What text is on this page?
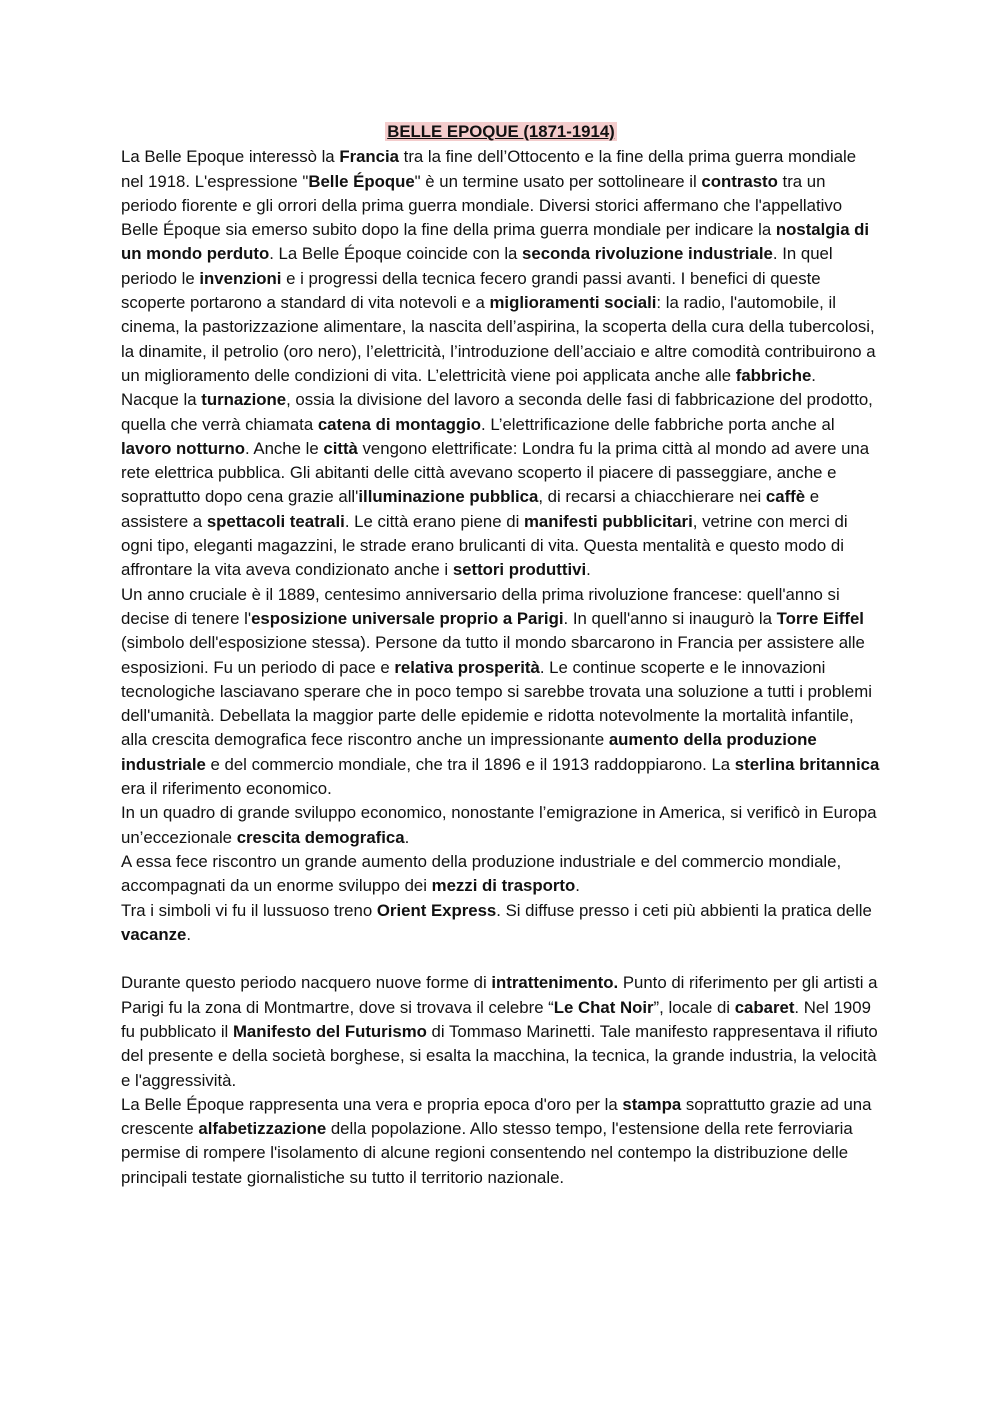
BELLE EPOQUE (1871-1914)

La Belle Epoque interessò la Francia tra la fine dell’Ottocento e la fine della prima guerra mondiale nel 1918. L'espressione "Belle Époque" è un termine usato per sottolineare il contrasto tra un periodo fiorente e gli orrori della prima guerra mondiale. Diversi storici affermano che l'appellativo Belle Époque sia emerso subito dopo la fine della prima guerra mondiale per indicare la nostalgia di un mondo perduto. La Belle Époque coincide con la seconda rivoluzione industriale. In quel periodo le invenzioni e i progressi della tecnica fecero grandi passi avanti. I benefici di queste scoperte portarono a standard di vita notevoli e a miglioramenti sociali: la radio, l'automobile, il cinema, la pastorizzazione alimentare, la nascita dell’aspirina, la scoperta della cura della tubercolosi, la dinamite, il petrolio (oro nero), l’elettricità, l’introduzione dell’acciaio e altre comodità contribuirono a un miglioramento delle condizioni di vita. L’elettricità viene poi applicata anche alle fabbriche.

Nacque la turnazione, ossia la divisione del lavoro a seconda delle fasi di fabbricazione del prodotto, quella che verrà chiamata catena di montaggio. L’elettrificazione delle fabbriche porta anche al lavoro notturno. Anche le città vengono elettrificate: Londra fu la prima città al mondo ad avere una rete elettrica pubblica. Gli abitanti delle città avevano scoperto il piacere di passeggiare, anche e soprattutto dopo cena grazie all'illuminazione pubblica, di recarsi a chiacchierare nei caffè e assistere a spettacoli teatrali. Le città erano piene di manifesti pubblicitari, vetrine con merci di ogni tipo, eleganti magazzini, le strade erano brulicanti di vita. Questa mentalità e questo modo di affrontare la vita aveva condizionato anche i settori produttivi.

Un anno cruciale è il 1889, centesimo anniversario della prima rivoluzione francese: quell'anno si decise di tenere l'esposizione universale proprio a Parigi. In quell'anno si inaugurò la Torre Eiffel (simbolo dell'esposizione stessa). Persone da tutto il mondo sbarcarono in Francia per assistere alle esposizioni. Fu un periodo di pace e relativa prosperità. Le continue scoperte e le innovazioni tecnologiche lasciavano sperare che in poco tempo si sarebbe trovata una soluzione a tutti i problemi dell'umanità. Debellata la maggior parte delle epidemie e ridotta notevolmente la mortalità infantile, alla crescita demografica fece riscontro anche un impressionante aumento della produzione industriale e del commercio mondiale, che tra il 1896 e il 1913 raddoppiarono. La sterlina britannica era il riferimento economico.

In un quadro di grande sviluppo economico, nonostante l’emigrazione in America, si verificò in Europa un’eccezionale crescita demografica.

A essa fece riscontro un grande aumento della produzione industriale e del commercio mondiale, accompagnati da un enorme sviluppo dei mezzi di trasporto.

Tra i simboli vi fu il lussuoso treno Orient Express. Si diffuse presso i ceti più abbienti la pratica delle vacanze.

Durante questo periodo nacquero nuove forme di intrattenimento. Punto di riferimento per gli artisti a Parigi fu la zona di Montmartre, dove si trovava il celebre “Le Chat Noir”, locale di cabaret. Nel 1909 fu pubblicato il Manifesto del Futurismo di Tommaso Marinetti. Tale manifesto rappresentava il rifiuto del presente e della società borghese, si esalta la macchina, la tecnica, la grande industria, la velocità e l'aggressività.

La Belle Époque rappresenta una vera e propria epoca d'oro per la stampa soprattutto grazie ad una crescente alfabetizzazione della popolazione. Allo stesso tempo, l'estensione della rete ferroviaria permise di rompere l'isolamento di alcune regioni consentendo nel contempo la distribuzione delle principali testate giornalistiche su tutto il territorio nazionale.
